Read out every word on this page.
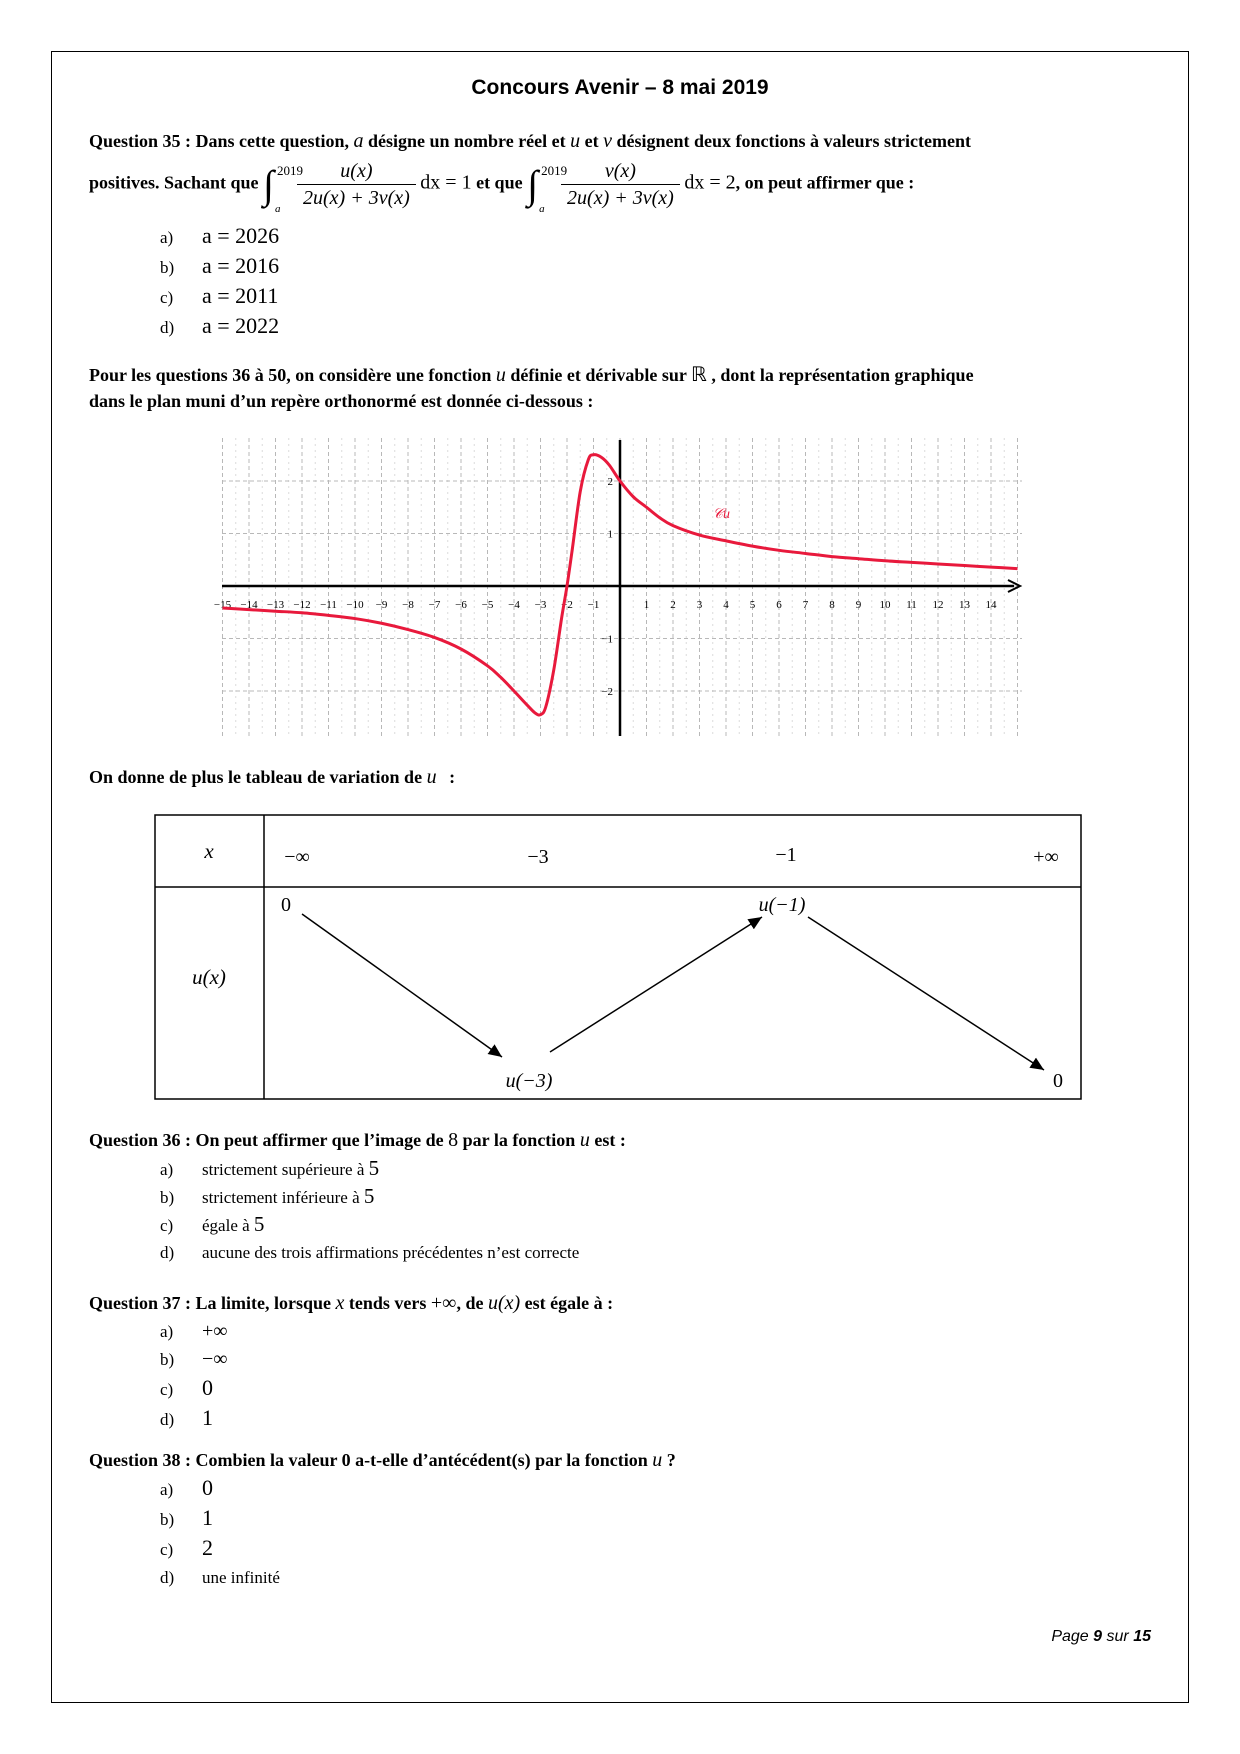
Concours Avenir – 8 mai 2019
Question 35 : Dans cette question, a désigne un nombre réel et u et v désignent deux fonctions à valeurs strictement
positives. Sachant que ∫ 2019
a
$\frac{u(x)}{2u(x) + 3v(x)}$ dx = 1 et que ∫ 2019
a
$\frac{v(x)}{2u(x) + 3v(x)}$ dx = 2, on peut affirmer que :
a) a = 2026
b) a = 2016
c) a = 2011
d) a = 2022
Pour les questions 36 à 50, on considère une fonction u définie et dérivable sur ℝ , dont la représentation graphique
dans le plan muni d’un repère orthonormé est donnée ci-dessous :
−15 −14 −13 −12 −11 −10 −9 −8 −7 −6 −5 −4 −3 −2 −1	1 2 3 4 5 6 7 8 9 10 11 12 13 14
−2
−1
1
2
𝒞u
On donne de plus le tableau de variation de u :
x	−∞	−3	−1	+∞
u(x)
0
u(−3)
u(−1)
0
Question 36 : On peut affirmer que l’image de 8 par la fonction u est :
a) strictement supérieure à 5
b) strictement inférieure à 5
c) égale à 5
d) aucune des trois affirmations précédentes n’est correcte
Question 37 : La limite, lorsque x tends vers +∞, de u(x) est égale à :
a) +∞
b) −∞
c) 0
d) 1
Question 38 : Combien la valeur 0 a-t-elle d’antécédent(s) par la fonction u ?
a) 0
b) 1
c) 2
d) une infinité
Page 9 sur 15
